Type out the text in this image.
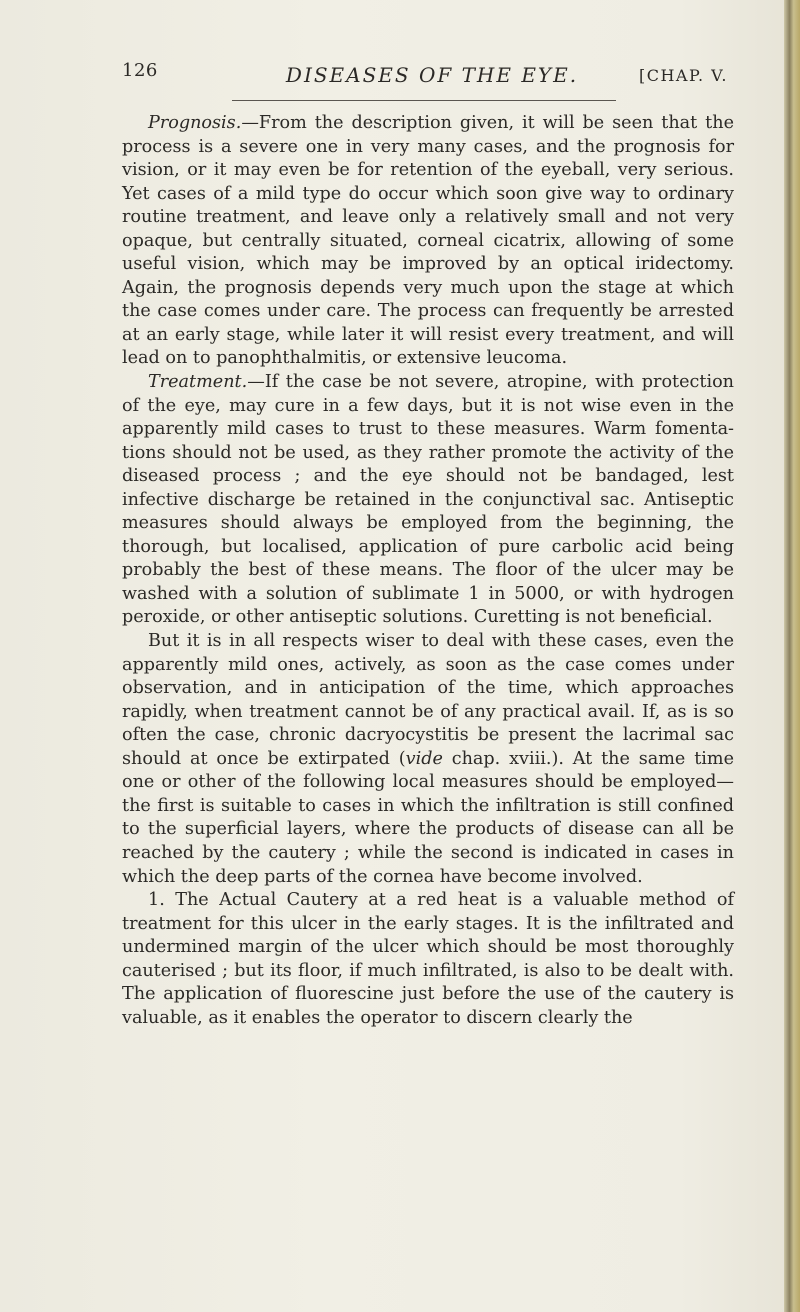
126	DISEASES OF THE EYE.	[CHAP. V.

Prognosis.—From the description given, it will be seen that the process is a severe one in very many cases, and the prognosis for vision, or it may even be for retention of the eyeball, very serious. Yet cases of a mild type do occur which soon give way to ordinary routine treatment, and leave only a relatively small and not very opaque, but centrally situated, corneal cicatrix, allowing of some useful vision, which may be improved by an optical iridectomy. Again, the prognosis depends very much upon the stage at which the case comes under care. The process can frequently be arrested at an early stage, while later it will resist every treatment, and will lead on to panophthalmitis, or extensive leucoma.

Treatment.—If the case be not severe, atropine, with protection of the eye, may cure in a few days, but it is not wise even in the apparently mild cases to trust to these measures. Warm fomenta- tions should not be used, as they rather promote the activity of the diseased process ; and the eye should not be bandaged, lest infective discharge be retained in the conjunctival sac. Antiseptic measures should always be employed from the beginning, the thorough, but localised, application of pure carbolic acid being probably the best of these means. The floor of the ulcer may be washed with a solution of sublimate 1 in 5000, or with hydrogen peroxide, or other antiseptic solutions. Curetting is not beneficial.

But it is in all respects wiser to deal with these cases, even the apparently mild ones, actively, as soon as the case comes under observation, and in anticipation of the time, which approaches rapidly, when treatment cannot be of any practical avail. If, as is so often the case, chronic dacryocystitis be present the lacrimal sac should at once be extirpated (vide chap. xviii.). At the same time one or other of the following local measures should be employed— the first is suitable to cases in which the infiltration is still confined to the superficial layers, where the products of disease can all be reached by the cautery ; while the second is indicated in cases in which the deep parts of the cornea have become involved.

1. The Actual Cautery at a red heat is a valuable method of treatment for this ulcer in the early stages. It is the infiltrated and undermined margin of the ulcer which should be most thoroughly cauterised ; but its floor, if much infiltrated, is also to be dealt with. The application of fluorescine just before the use of the cautery is valuable, as it enables the operator to discern clearly the
